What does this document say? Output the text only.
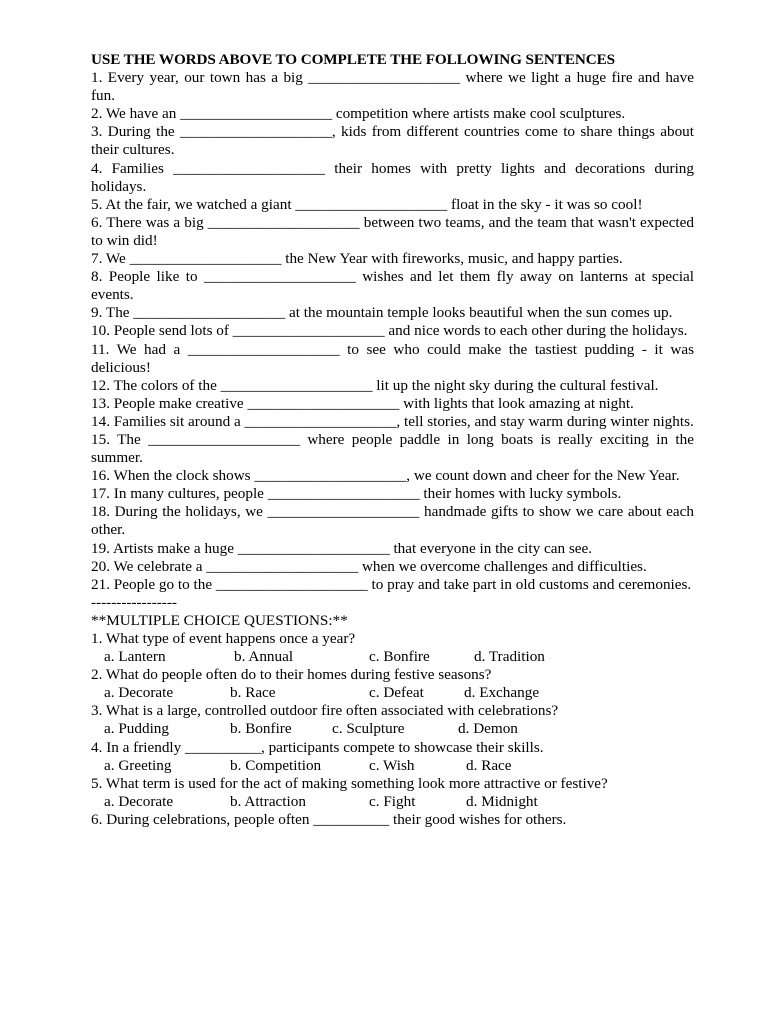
USE THE WORDS ABOVE TO COMPLETE THE FOLLOWING SENTENCES
1. Every year, our town has a big ____________________ where we light a huge fire and have fun.
2. We have an ____________________ competition where artists make cool sculptures.
3. During the ____________________, kids from different countries come to share things about their cultures.
4. Families ____________________ their homes with pretty lights and decorations during holidays.
5. At the fair, we watched a giant ____________________ float in the sky - it was so cool!
6. There was a big ____________________ between two teams, and the team that wasn't expected to win did!
7. We ____________________ the New Year with fireworks, music, and happy parties.
8. People like to ____________________ wishes and let them fly away on lanterns at special events.
9. The ____________________ at the mountain temple looks beautiful when the sun comes up.
10. People send lots of ____________________ and nice words to each other during the holidays.
11. We had a ____________________ to see who could make the tastiest pudding - it was delicious!
12. The colors of the ____________________ lit up the night sky during the cultural festival.
13. People make creative ____________________ with lights that look amazing at night.
14. Families sit around a ____________________, tell stories, and stay warm during winter nights.
15. The ____________________ where people paddle in long boats is really exciting in the summer.
16. When the clock shows ____________________, we count down and cheer for the New Year.
17. In many cultures, people ____________________ their homes with lucky symbols.
18. During the holidays, we ____________________ handmade gifts to show we care about each other.
19. Artists make a huge ____________________ that everyone in the city can see.
20. We celebrate a ____________________ when we overcome challenges and difficulties.
21. People go to the ____________________ to pray and take part in old customs and ceremonies.
-----------------
**MULTIPLE CHOICE QUESTIONS:**
1. What type of event happens once a year?
a. Lantern	b. Annual	c. Bonfire	d. Tradition
2. What do people often do to their homes during festive seasons?
a. Decorate	b. Race	c. Defeat	d. Exchange
3. What is a large, controlled outdoor fire often associated with celebrations?
a. Pudding	b. Bonfire	c. Sculpture	d. Demon
4. In a friendly __________, participants compete to showcase their skills.
a. Greeting	b. Competition	c. Wish	d. Race
5. What term is used for the act of making something look more attractive or festive?
a. Decorate	b. Attraction	c. Fight	d. Midnight
6. During celebrations, people often __________ their good wishes for others.
